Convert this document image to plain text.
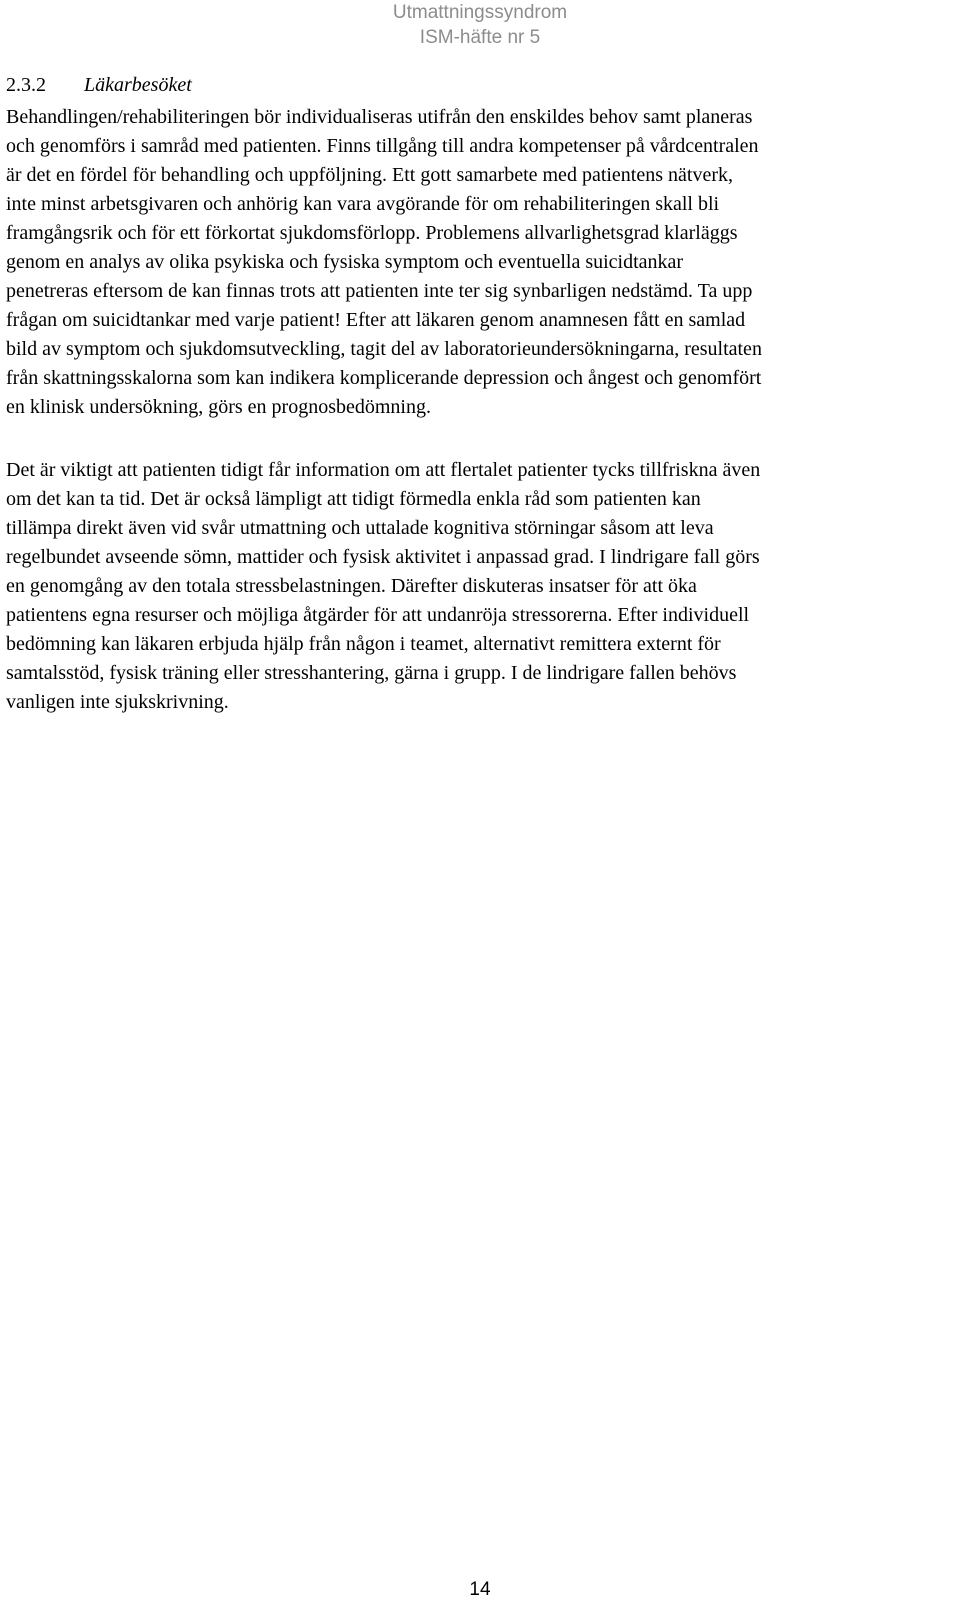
Utmattningssyndrom
ISM-häfte nr 5
2.3.2 Läkarbesöket
Behandlingen/rehabiliteringen bör individualiseras utifrån den enskildes behov samt planeras
och genomförs i samråd med patienten. Finns tillgång till andra kompetenser på vårdcentralen
är det en fördel för behandling och uppföljning. Ett gott samarbete med patientens nätverk,
inte minst arbetsgivaren och anhörig kan vara avgörande för om rehabiliteringen skall bli
framgångsrik och för ett förkortat sjukdomsförlopp. Problemens allvarlighetsgrad klarläggs
genom en analys av olika psykiska och fysiska symptom och eventuella suicidtankar
penetreras eftersom de kan finnas trots att patienten inte ter sig synbarligen nedstämd. Ta upp
frågan om suicidtankar med varje patient! Efter att läkaren genom anamnesen fått en samlad
bild av symptom och sjukdomsutveckling, tagit del av laboratorieundersökningarna, resultaten
från skattningsskalorna som kan indikera komplicerande depression och ångest och genomfört
en klinisk undersökning, görs en prognosbedömning.
Det är viktigt att patienten tidigt får information om att flertalet patienter tycks tillfriskna även
om det kan ta tid. Det är också lämpligt att tidigt förmedla enkla råd som patienten kan
tillämpa direkt även vid svår utmattning och uttalade kognitiva störningar såsom att leva
regelbundet avseende sömn, mattider och fysisk aktivitet i anpassad grad. I lindrigare fall görs
en genomgång av den totala stressbelastningen. Därefter diskuteras insatser för att öka
patientens egna resurser och möjliga åtgärder för att undanröja stressorerna. Efter individuell
bedömning kan läkaren erbjuda hjälp från någon i teamet, alternativt remittera externt för
samtalsstöd, fysisk träning eller stresshantering, gärna i grupp. I de lindrigare fallen behövs
vanligen inte sjukskrivning.
14
